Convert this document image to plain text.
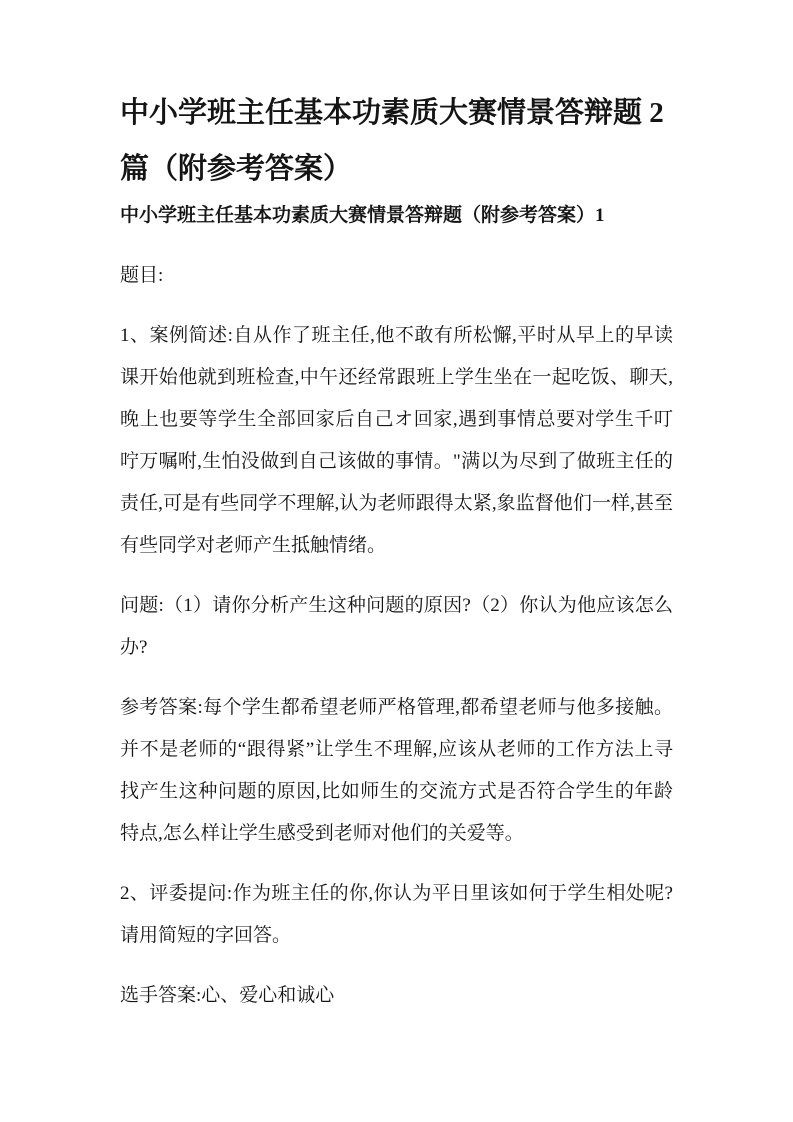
中小学班主任基本功素质大赛情景答辩题 2 篇（附参考答案）
中小学班主任基本功素质大赛情景答辩题（附参考答案）1

题目:

1、案例简述:自从作了班主任,他不敢有所松懈,平时从早上的早读课开始他就到班检查,中午还经常跟班上学生坐在一起吃饭、聊天,晚上也要等学生全部回家后自己オ回家,遇到事情总要对学生千叮咛万嘱咐,生怕没做到自己该做的事情。"满以为尽到了做班主任的责任,可是有些同学不理解,认为老师跟得太紧,象监督他们一样,甚至有些同学对老师产生抵触情绪。

问题:（1）请你分析产生这种问题的原因?（2）你认为他应该怎么办?

参考答案:每个学生都希望老师严格管理,都希望老师与他多接触。 并不是老师的“跟得紧”让学生不理解,应该从老师的工作方法上寻找产生这种问题的原因,比如师生的交流方式是否符合学生的年龄特点,怎么样让学生感受到老师对他们的关爱等。

2、评委提问:作为班主任的你,你认为平日里该如何于学生相处呢?请用简短的字回答。

选手答案:心、爱心和诚心
